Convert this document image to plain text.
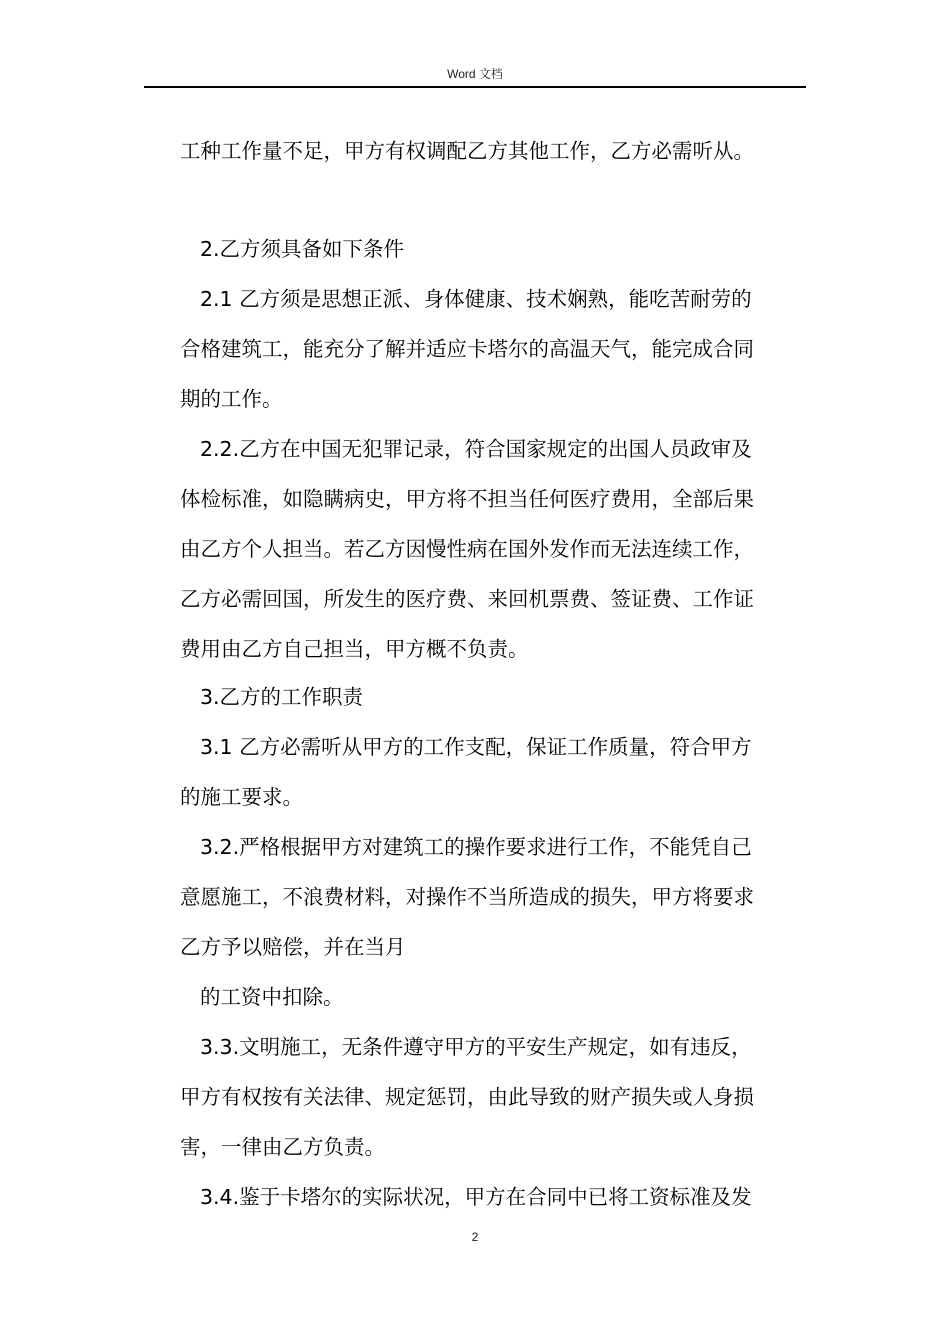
Word 文档
工种工作量不足，甲方有权调配乙方其他工作，乙方必需听从。
2.乙方须具备如下条件
2.1 乙方须是思想正派、身体健康、技术娴熟，能吃苦耐劳的
合格建筑工，能充分了解并适应卡塔尔的高温天气，能完成合同
期的工作。
2.2.乙方在中国无犯罪记录，符合国家规定的出国人员政审及
体检标准，如隐瞒病史，甲方将不担当任何医疗费用，全部后果
由乙方个人担当。若乙方因慢性病在国外发作而无法连续工作，
乙方必需回国，所发生的医疗费、来回机票费、签证费、工作证
费用由乙方自己担当，甲方概不负责。
3.乙方的工作职责
3.1 乙方必需听从甲方的工作支配，保证工作质量，符合甲方
的施工要求。
3.2.严格根据甲方对建筑工的操作要求进行工作，不能凭自己
意愿施工，不浪费材料，对操作不当所造成的损失，甲方将要求
乙方予以赔偿，并在当月
的工资中扣除。
3.3.文明施工，无条件遵守甲方的平安生产规定，如有违反，
甲方有权按有关法律、规定惩罚，由此导致的财产损失或人身损
害，一律由乙方负责。
3.4.鉴于卡塔尔的实际状况，甲方在合同中已将工资标准及发
2
